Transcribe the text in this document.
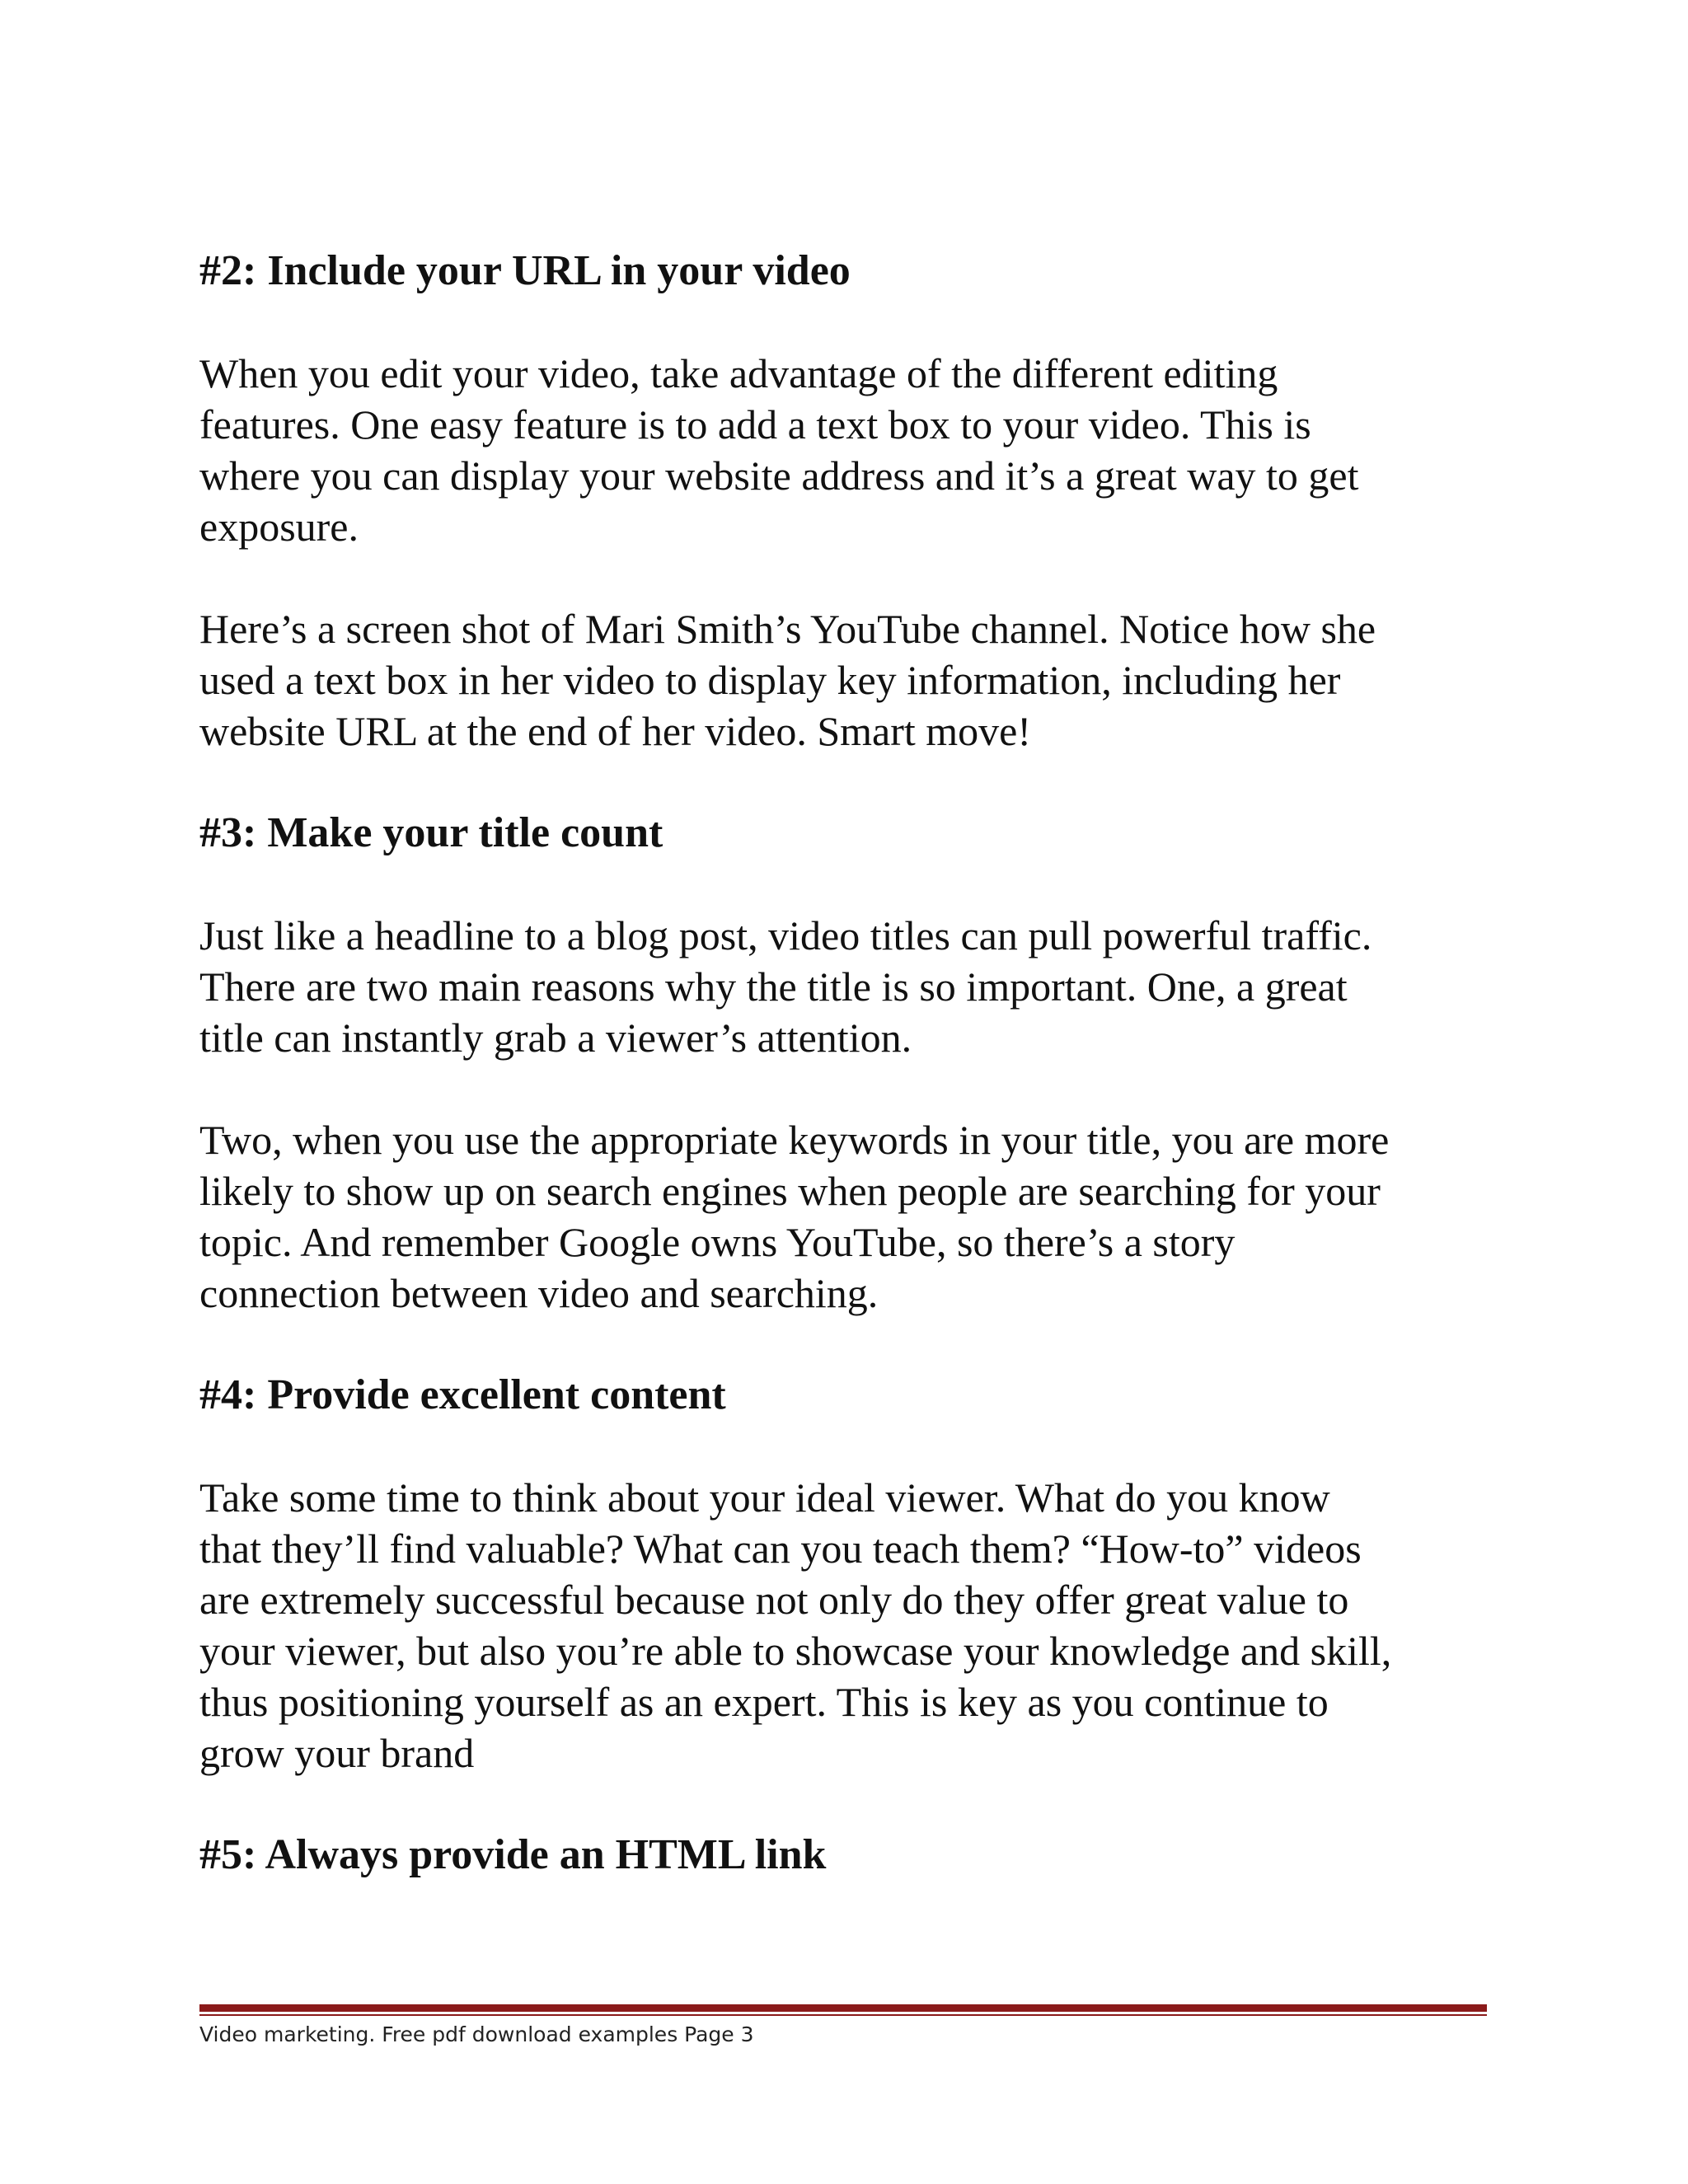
#2: Include your URL in your video

When you edit your video, take advantage of the different editing
features. One easy feature is to add a text box to your video. This is
where you can display your website address and it’s a great way to get
exposure.

Here’s a screen shot of Mari Smith’s YouTube channel. Notice how she
used a text box in her video to display key information, including her
website URL at the end of her video. Smart move!

#3: Make your title count

Just like a headline to a blog post, video titles can pull powerful traffic.
There are two main reasons why the title is so important. One, a great
title can instantly grab a viewer’s attention.

Two, when you use the appropriate keywords in your title, you are more
likely to show up on search engines when people are searching for your
topic. And remember Google owns YouTube, so there’s a story
connection between video and searching.

#4: Provide excellent content

Take some time to think about your ideal viewer. What do you know
that they’ll find valuable? What can you teach them? “How-to” videos
are extremely successful because not only do they offer great value to
your viewer, but also you’re able to showcase your knowledge and skill,
thus positioning yourself as an expert. This is key as you continue to
grow your brand

#5: Always provide an HTML link
Video marketing. Free pdf download examples Page 3
